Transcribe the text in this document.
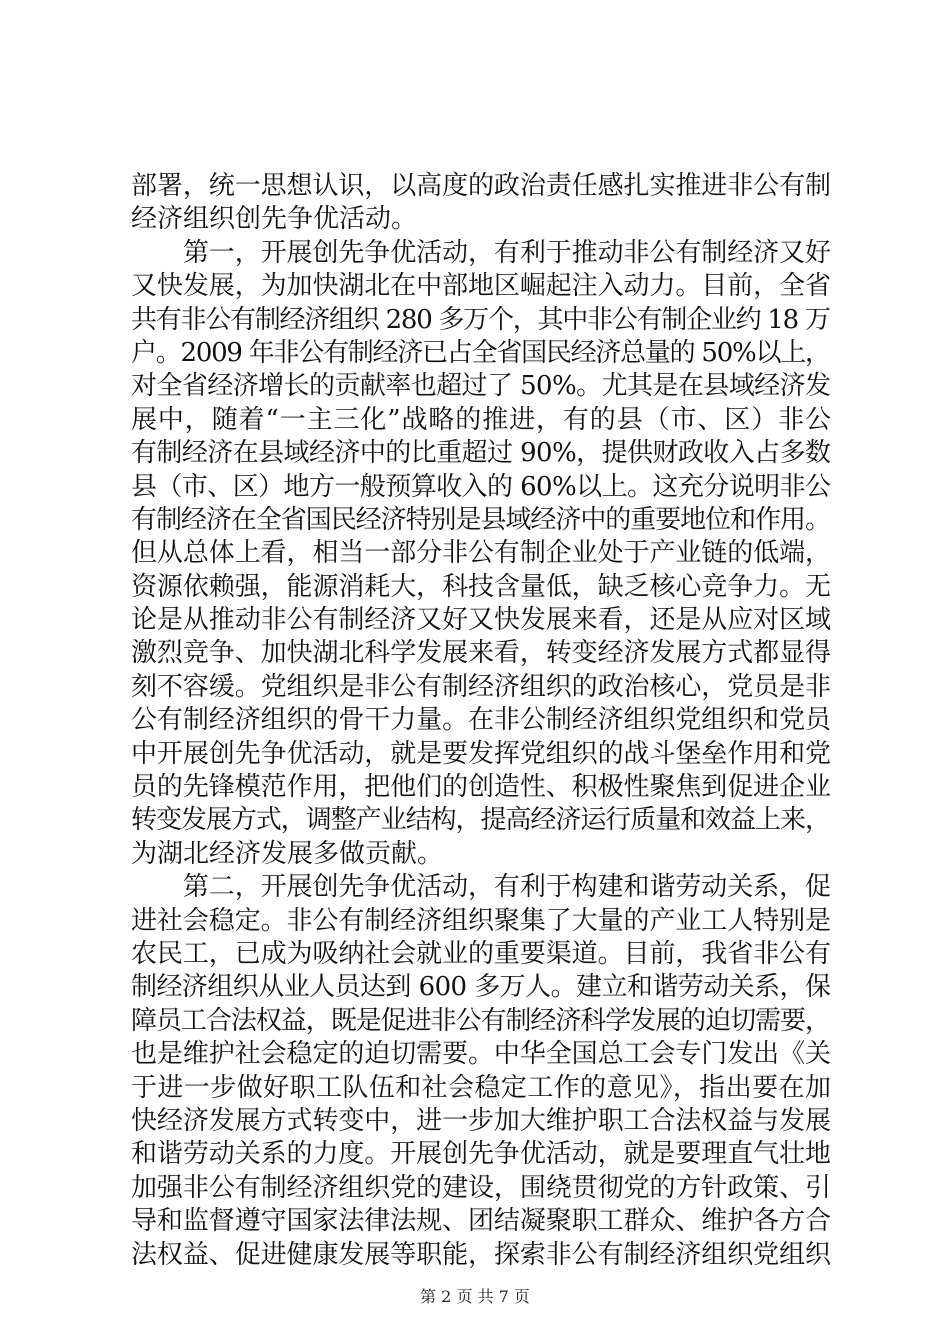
部署，统一思想认识，以高度的政治责任感扎实推进非公有制
经济组织创先争优活动。
　　第一，开展创先争优活动，有利于推动非公有制经济又好
又快发展，为加快湖北在中部地区崛起注入动力。目前，全省
共有非公有制经济组织 280 多万个，其中非公有制企业约 18 万
户。2009 年非公有制经济已占全省国民经济总量的 50%以上，
对全省经济增长的贡献率也超过了 50%。尤其是在县域经济发
展中，随着“一主三化”战略的推进，有的县（市、区）非公
有制经济在县域经济中的比重超过 90%，提供财政收入占多数
县（市、区）地方一般预算收入的 60%以上。这充分说明非公
有制经济在全省国民经济特别是县域经济中的重要地位和作用。
但从总体上看，相当一部分非公有制企业处于产业链的低端，
资源依赖强，能源消耗大，科技含量低，缺乏核心竞争力。无
论是从推动非公有制经济又好又快发展来看，还是从应对区域
激烈竞争、加快湖北科学发展来看，转变经济发展方式都显得
刻不容缓。党组织是非公有制经济组织的政治核心，党员是非
公有制经济组织的骨干力量。在非公制经济组织党组织和党员
中开展创先争优活动，就是要发挥党组织的战斗堡垒作用和党
员的先锋模范作用，把他们的创造性、积极性聚焦到促进企业
转变发展方式，调整产业结构，提高经济运行质量和效益上来，
为湖北经济发展多做贡献。
　　第二，开展创先争优活动，有利于构建和谐劳动关系，促
进社会稳定。非公有制经济组织聚集了大量的产业工人特别是
农民工，已成为吸纳社会就业的重要渠道。目前，我省非公有
制经济组织从业人员达到 600 多万人。建立和谐劳动关系，保
障员工合法权益，既是促进非公有制经济科学发展的迫切需要，
也是维护社会稳定的迫切需要。中华全国总工会专门发出《关
于进一步做好职工队伍和社会稳定工作的意见》，指出要在加
快经济发展方式转变中，进一步加大维护职工合法权益与发展
和谐劳动关系的力度。开展创先争优活动，就是要理直气壮地
加强非公有制经济组织党的建设，围绕贯彻党的方针政策、引
导和监督遵守国家法律法规、团结凝聚职工群众、维护各方合
法权益、促进健康发展等职能，探索非公有制经济组织党组织
第 2 页 共 7 页
